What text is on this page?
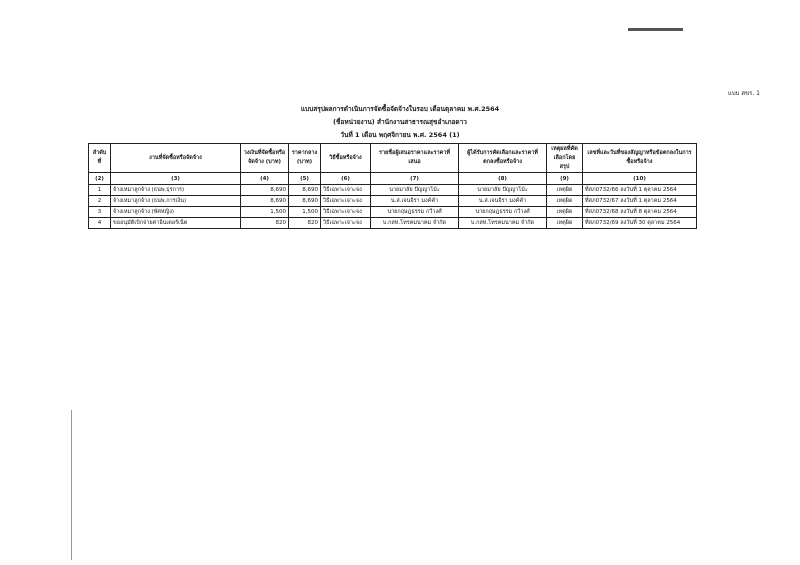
แบบ สขร. 1
แบบสรุปผลการดำเนินการจัดซื้อจัดจ้างในรอบ เดือนตุลาคม พ.ศ.2564
(ชื่อหน่วยงาน) สำนักงานสาธารณสุขอำเภอดาว
วันที่ 1 เดือน พฤศจิกายน พ.ศ. 2564 (1)
ลำดับที่	งานที่จัดซื้อหรือจัดจ้าง	วงเงินที่จัดซื้อหรือจัดจ้าง (บาท)	ราคากลาง (บาท)	วิธีซื้อหรือจ้าง	รายชื่อผู้เสนอราคาและราคาที่เสนอ	ผู้ได้รับการคัดเลือกและราคาที่ตกลงซื้อหรือจ้าง	เหตุผลที่คัดเลือกโดยสรุป	เลขที่และวันที่ของสัญญาหรือข้อตกลงในการซื้อหรือจ้าง
(2)	(3)	(4)	(5)	(6)	(7)	(8)	(9)	(10)
1	จ้างเหมาลูกจ้าง (ธนพ.ธุรการ)	8,690	8,690	วิธีเฉพาะเจาะจง	นายมาลัย ปัญญาโม้ะ	นายมาลัย ปัญญาโม้ะ	เหตุผิด	ที่สภ0732/66 ลงวันที่ 1 ตุลาคม 2564
2	จ้างเหมาลูกจ้าง (ธนพ.การเงิน)	8,690	8,690	วิธีเฉพาะเจาะจง	น.ส.เจนจิรา มงค์คำ	น.ส.เจนจิรา มงค์คำ	เหตุผิด	ที่สภ0732/67 ลงวันที่ 1 ตุลาคม 2564
3	จ้างเหมาลูกจ้าง (พัศหญิง)	1,500	1,500	วิธีเฉพาะเจาะจง	นายกฤษฎธรรม กวีวงศ์	นายกฤษฎธรรม กวีวงศ์	เหตุผิด	ที่สภ0732/68 ลงวันที่ 8 ตุลาคม 2564
4	ขออนุมัติเบิกจ่ายค่าอินเตอร์เน็ต	820	820	วิธีเฉพาะเจาะจง	บ.กสท.โทรคมนาคม จำกัด	บ.กสท.โทรคมนาคม จำกัด	เหตุผิด	ที่สภ0732/69 ลงวันที่ 30 ตุลาคม 2564
